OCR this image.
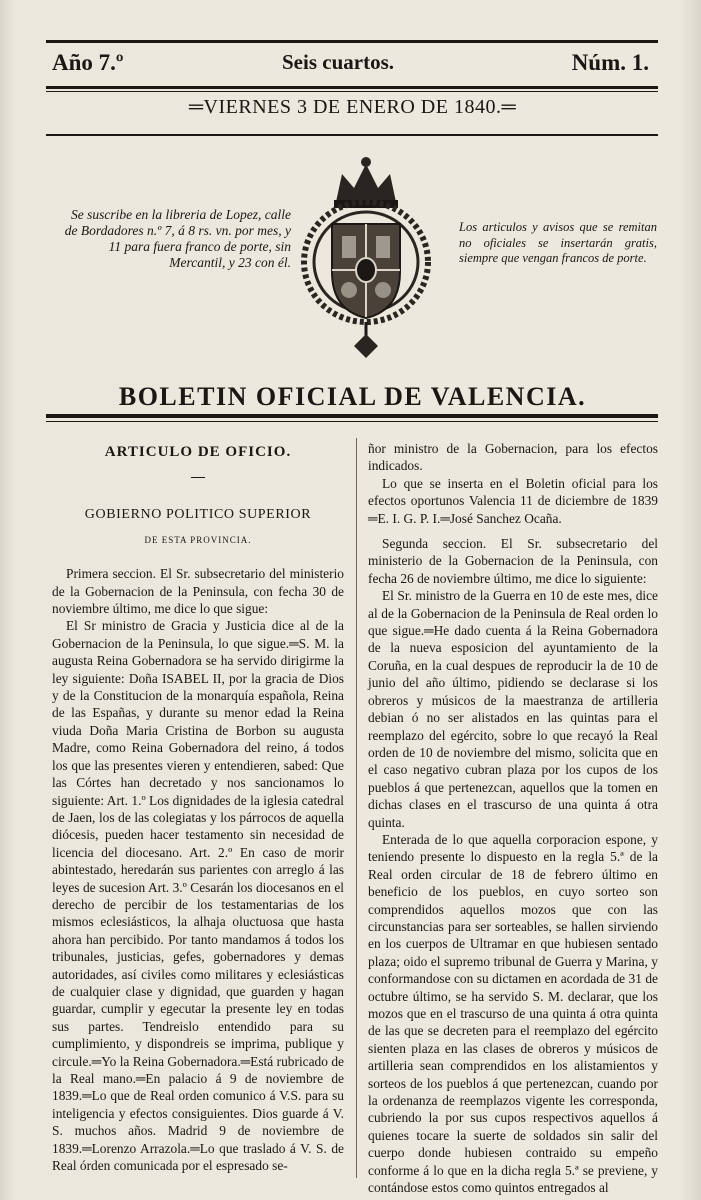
Año 7.º	Seis cuartos.	Núm. 1.
═VIERNES 3 DE ENERO DE 1840.═
Se suscribe en la libreria de Lopez, calle de Bordadores n.º 7, á 8 rs. vn. por mes, y 11 para fuera franco de porte, sin Mercantil, y 23 con él.
Los articulos y avisos que se remitan no oficiales se insertarán gratis, siempre que vengan francos de porte.
BOLETIN OFICIAL DE VALENCIA.
ARTICULO DE OFICIO.
GOBIERNO POLITICO SUPERIOR
DE ESTA PROVINCIA.

Primera seccion. El Sr. subsecretario del ministerio de la Gobernacion de la Peninsula, con fecha 30 de noviembre último, me dice lo que sigue:

El Sr ministro de Gracia y Justicia dice al de la Gobernacion de la Peninsula, lo que sigue.═S. M. la augusta Reina Gobernadora se ha servido dirigirme la ley siguiente: Doña ISABEL II, por la gracia de Dios y de la Constitucion de la monarquía española, Reina de las Españas, y durante su menor edad la Reina viuda Doña Maria Cristina de Borbon su augusta Madre, como Reina Gobernadora del reino, á todos los que las presentes vieren y entendieren, sabed: Que las Córtes han decretado y nos sancionamos lo siguiente: Art. 1.º Los dignidades de la iglesia catedral de Jaen, los de las colegiatas y los párrocos de aquella diócesis, pueden hacer testamento sin necesidad de licencia del diocesano. Art. 2.º En caso de morir abintestado, heredarán sus parientes con arreglo á las leyes de sucesion Art. 3.º Cesarán los diocesanos en el derecho de percibir de los testamentarias de los mismos eclesiásticos, la alhaja oluctuosa que hasta ahora han percibido. Por tanto mandamos á todos los tribunales, justicias, gefes, gobernadores y demas autoridades, así civiles como militares y eclesiásticas de cualquier clase y dignidad, que guarden y hagan guardar, cumplir y egecutar la presente ley en todas sus partes. Tendreislo entendido para su cumplimiento, y dispondreis se imprima, publique y circule.═Yo la Reina Gobernadora.═Está rubricado de la Real mano.═En palacio á 9 de noviembre de 1839.═Lo que de Real orden comunico á V.S. para su inteligencia y efectos consiguientes. Dios guarde á V. S. muchos años. Madrid 9 de noviembre de 1839.═Lorenzo Arrazola.═Lo que traslado á V. S. de Real órden comunicada por el espresado se-

ñor ministro de la Gobernacion, para los efectos indicados.

Lo que se inserta en el Boletin oficial para los efectos oportunos Valencia 11 de diciembre de 1839 ═E. I. G. P. I.═José Sanchez Ocaña.

Segunda seccion. El Sr. subsecretario del ministerio de la Gobernacion de la Peninsula, con fecha 26 de noviembre último, me dice lo siguiente:

El Sr. ministro de la Guerra en 10 de este mes, dice al de la Gobernacion de la Peninsula de Real orden lo que sigue.═He dado cuenta á la Reina Gobernadora de la nueva esposicion del ayuntamiento de la Coruña, en la cual despues de reproducir la de 10 de junio del año último, pidiendo se declarase si los obreros y músicos de la maestranza de artilleria debian ó no ser alistados en las quintas para el reemplazo del egército, sobre lo que recayó la Real orden de 10 de noviembre del mismo, solicita que en el caso negativo cubran plaza por los cupos de los pueblos á que pertenezcan, aquellos que la tomen en dichas clases en el trascurso de una quinta á otra quinta.

Enterada de lo que aquella corporacion espone, y teniendo presente lo dispuesto en la regla 5.ª de la Real orden circular de 18 de febrero último en beneficio de los pueblos, en cuyo sorteo son comprendidos aquellos mozos que con las circunstancias para ser sorteables, se hallen sirviendo en los cuerpos de Ultramar en que hubiesen sentado plaza; oido el supremo tribunal de Guerra y Marina, y conformandose con su dictamen en acordada de 31 de octubre último, se ha servido S. M. declarar, que los mozos que en el trascurso de una quinta á otra quinta de las que se decreten para el reemplazo del egército sienten plaza en las clases de obreros y músicos de artilleria sean comprendidos en los alistamientos y sorteos de los pueblos á que pertenezcan, cuando por la ordenanza de reemplazos vigente les corresponda, cubriendo la por sus cupos respectivos aquellos á quienes tocare la suerte de soldados sin salir del cuerpo donde hubiesen contraido su empeño conforme á lo que en la dicha regla 5.ª se previene, y contándose estos como quintos entregados al
